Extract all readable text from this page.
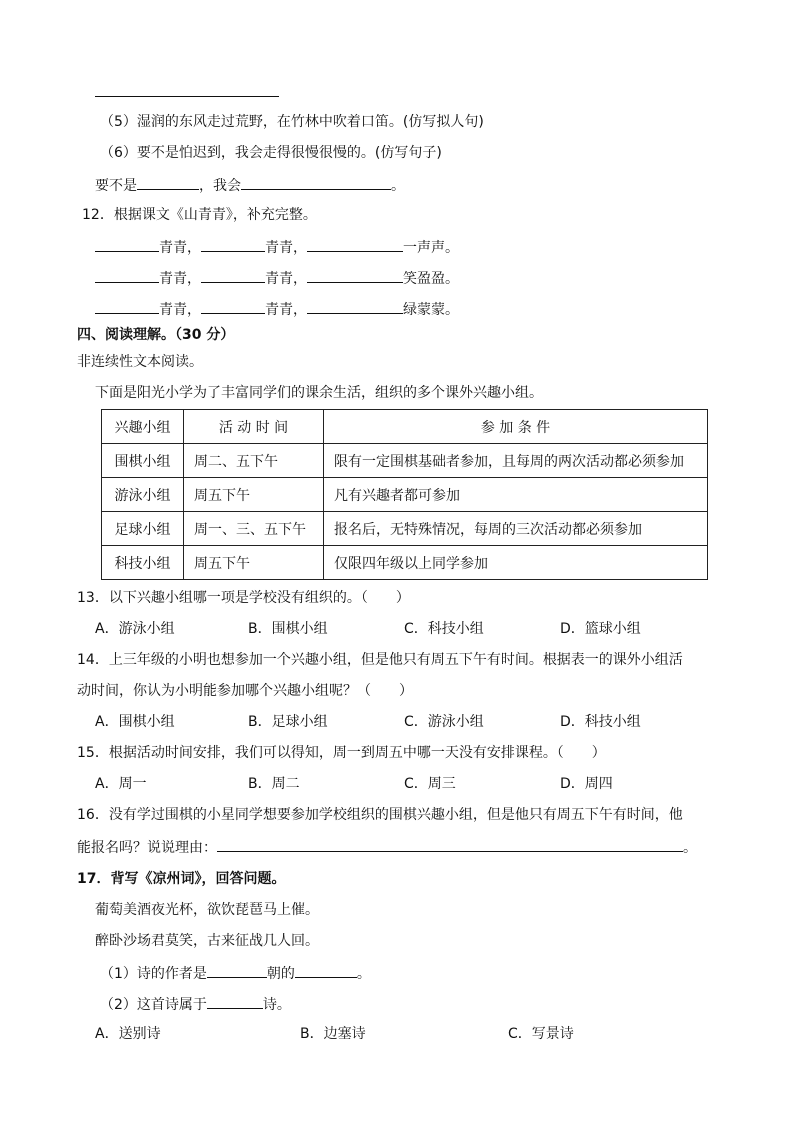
（5）湿润的东风走过荒野，在竹林中吹着口笛。(仿写拟人句)
（6）要不是怕迟到，我会走得很慢很慢的。(仿写句子)
要不是	，我会	。
12．根据课文《山青青》，补充完整。
青青，	青青，	一声声。
青青，	青青，	笑盈盈。
青青，	青青，	绿蒙蒙。
四、阅读理解。（30 分）
非连续性文本阅读。
下面是阳光小学为了丰富同学们的课余生活，组织的多个课外兴趣小组。
兴趣小组	活 动 时 间	参 加 条 件
围棋小组	周二、五下午	限有一定围棋基础者参加，且每周的两次活动都必须参加
游泳小组	周五下午	凡有兴趣者都可参加
足球小组	周一、三、五下午	报名后，无特殊情况，每周的三次活动都必须参加
科技小组	周五下午	仅限四年级以上同学参加
13．以下兴趣小组哪一项是学校没有组织的。（　　）
A．游泳小组	B．围棋小组	C．科技小组	D．篮球小组
14．上三年级的小明也想参加一个兴趣小组，但是他只有周五下午有时间。根据表一的课外小组活
动时间，你认为小明能参加哪个兴趣小组呢？（　　）
A．围棋小组	B．足球小组	C．游泳小组	D．科技小组
15．根据活动时间安排，我们可以得知，周一到周五中哪一天没有安排课程。（　　）
A．周一	B．周二	C．周三	D．周四
16．没有学过围棋的小星同学想要参加学校组织的围棋兴趣小组，但是他只有周五下午有时间，他
能报名吗？说说理由：	。
17．背写《凉州词》，回答问题。
葡萄美酒夜光杯，欲饮琵琶马上催。
醉卧沙场君莫笑，古来征战几人回。
（1）诗的作者是	朝的	。
（2）这首诗属于	诗。
A．送别诗	B．边塞诗	C．写景诗
